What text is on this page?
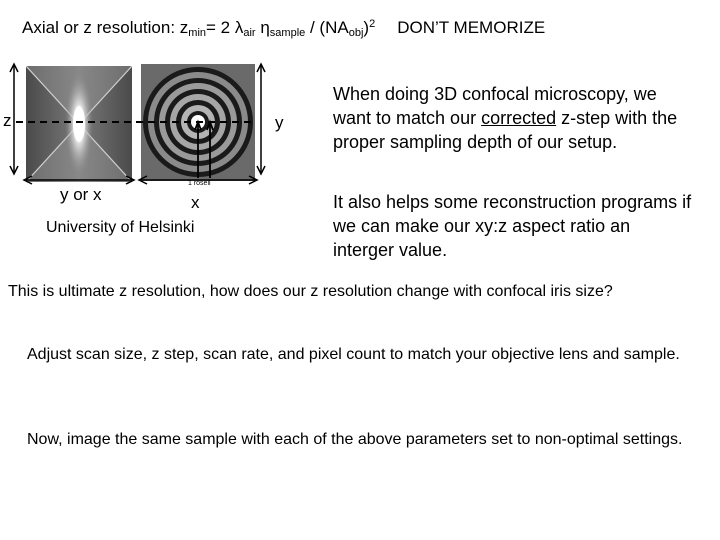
Axial or z resolution: $z_{min}= 2$ $\lambda_{air}$ $\eta_{sample} / (NA_{obj})^2$ DON’T MEMORIZE
z	y
y or x	x
1 rosell
University of Helsinki
When doing 3D confocal microscopy, we want to match our corrected z-step with the proper sampling depth of our setup.
It also helps some reconstruction programs if we can make our xy:z aspect ratio an interger value.
This is ultimate z resolution, how does our z resolution change with confocal iris size?
Adjust scan size, z step, scan rate, and pixel count to match your objective lens and sample.
Now, image the same sample with each of the above parameters set to non-optimal settings.
